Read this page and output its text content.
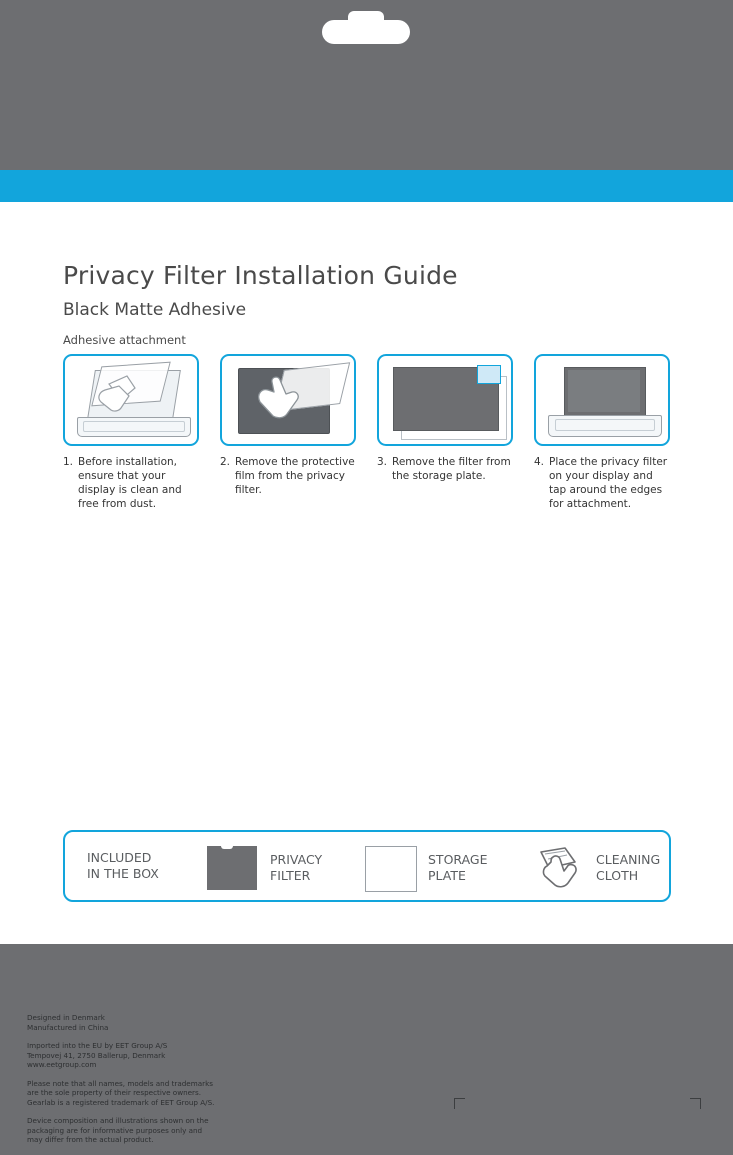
Privacy Filter Installation Guide
Black Matte Adhesive
Adhesive attachment
1. Before installation, ensure that your display is clean and free from dust.
2. Remove the protective film from the privacy filter.
3. Remove the filter from the storage plate.
4. Place the privacy filter on your display and tap around the edges for attachment.
INCLUDED
IN THE BOX
PRIVACY
FILTER
STORAGE
PLATE
CLEANING
CLOTH

Designed in Denmark
Manufactured in China

Imported into the EU by EET Group A/S
Tempovej 41, 2750 Ballerup, Denmark
www.eetgroup.com

Please note that all names, models and trademarks
are the sole property of their respective owners.
Gearlab is a registered trademark of EET Group A/S.

Device composition and illustrations shown on the
packaging are for informative purposes only and
may differ from the actual product.
